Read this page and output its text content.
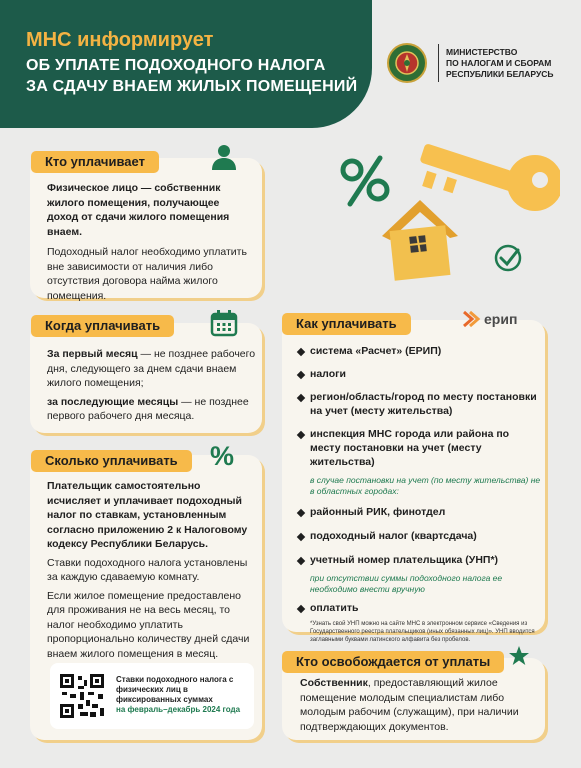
МНС информирует
ОБ УПЛАТЕ ПОДОХОДНОГО НАЛОГА
ЗА СДАЧУ ВНАЕМ ЖИЛЫХ ПОМЕЩЕНИЙ
МИНИСТЕРСТВО
ПО НАЛОГАМ И СБОРАМ
РЕСПУБЛИКИ БЕЛАРУСЬ

Физическое лицо — собственник жилого помещения, получающее доход от сдачи жилого помещения внаем.

Подоходный налог необходимо уплатить вне зависимости от наличия либо отсутствия договора найма жилого помещения.

Кто уплачивает

За первый месяц — не позднее рабочего дня, следующего за днем сдачи внаем жилого помещения;

за последующие месяцы — не позднее первого рабочего дня месяца.

Когда уплачивать

Плательщик самостоятельно исчисляет и уплачивает подоходный налог по ставкам, установленным согласно приложению 2 к Налоговому кодексу Республики Беларусь.

Ставки подоходного налога установлены за каждую сдаваемую комнату.

Если жилое помещение предоставлено для проживания не на весь месяц, то налог необходимо уплатить пропорционально количеству дней сдачи внаем жилого помещения в месяц.

Ставки подоходного налога с физических лиц в фиксированных суммах
на февраль–декабрь 2024 года
Сколько уплачивать	%
система «Расчет» (ЕРИП)
налоги
регион/область/город по месту постановки на учет (месту жительства)
инспекция МНС города или района по месту постановки на учет (месту жительства)
в случае постановки на учет (по месту жительства) не в областных городах:
районный РИК, финотдел
подоходный налог (квартсдача)
учетный номер плательщика (УНП*)
при отсутствии суммы подоходного налога ее необходимо внести вручную
оплатить
*Узнать свой УНП можно на сайте МНС в электронном сервисе «Сведения из Государственного реестра плательщиков (иных обязанных лиц)». УНП вводится заглавными буквами латинского алфавита без пробелов.
Как уплачивать	ерип

Собственник, предоставляющий жилое помещение молодым специалистам либо молодым рабочим (служащим), при наличии подтверждающих документов.

Кто освобождается от уплаты
